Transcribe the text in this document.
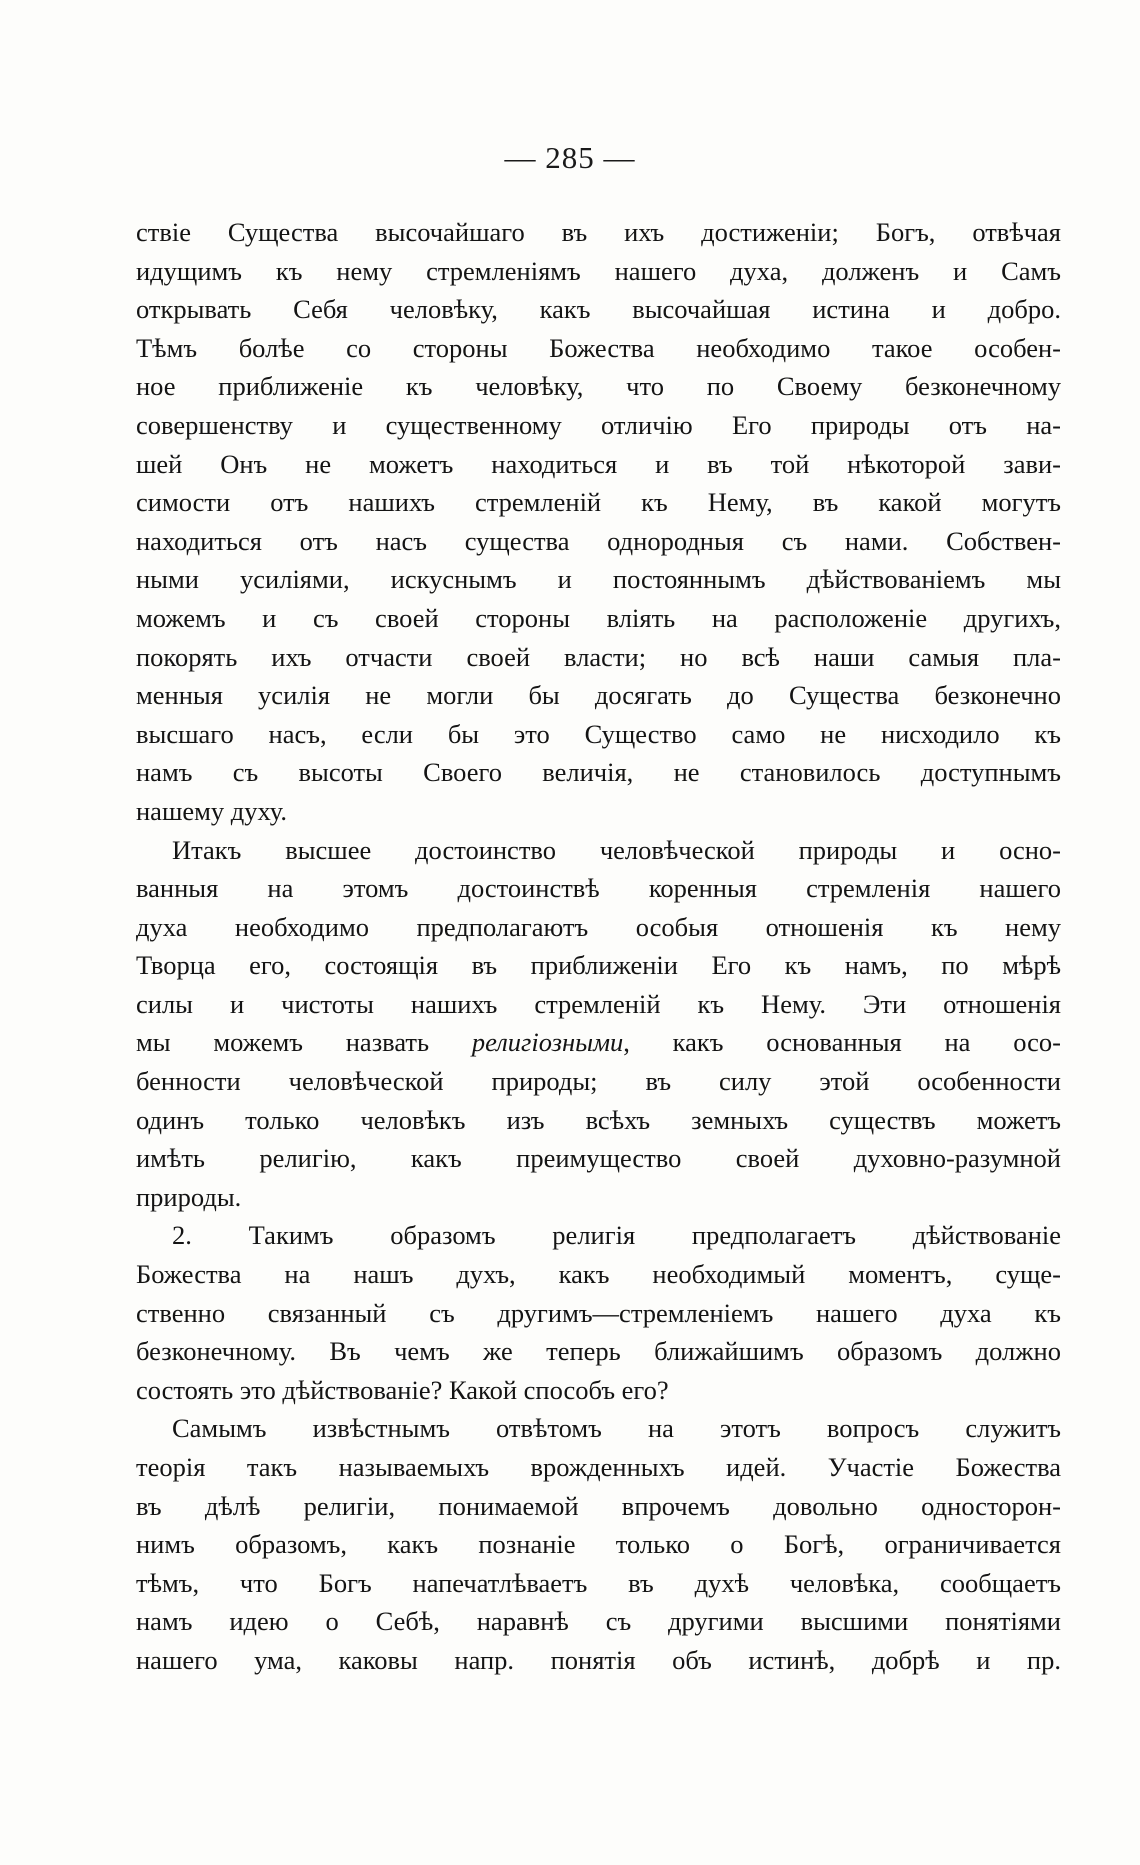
— 285 —
ствіе Существа высочайшаго въ ихъ достиженіи; Богъ, отвѣчая
идущимъ къ нему стремленіямъ нашего духа, долженъ и Самъ
открывать Себя человѣку, какъ высочайшая истина и добро.
Тѣмъ болѣе со стороны Божества необходимо такое особен-
ное приближеніе къ человѣку, что по Своему безконечному
совершенству и существенному отличію Его природы отъ на-
шей Онъ не можетъ находиться и въ той нѣкоторой зави-
симости отъ нашихъ стремленій къ Нему, въ какой могутъ
находиться отъ насъ существа однородныя съ нами. Собствен-
ными усиліями, искуснымъ и постояннымъ дѣйствованіемъ мы
можемъ и съ своей стороны вліять на расположеніе другихъ,
покорять ихъ отчасти своей власти; но всѣ наши самыя пла-
менныя усилія не могли бы досягать до Существа безконечно
высшаго насъ, если бы это Существо само не нисходило къ
намъ съ высоты Своего величія, не становилось доступнымъ
нашему духу.
Итакъ высшее достоинство человѣческой природы и осно-
ванныя на этомъ достоинствѣ коренныя стремленія нашего
духа необходимо предполагаютъ особыя отношенія къ нему
Творца его, состоящія въ приближеніи Его къ намъ, по мѣрѣ
силы и чистоты нашихъ стремленій къ Нему. Эти отношенія
мы можемъ назвать религіозными, какъ основанныя на осо-
бенности человѣческой природы; въ силу этой особенности
одинъ только человѣкъ изъ всѣхъ земныхъ существъ можетъ
имѣть религію, какъ преимущество своей духовно-разумной
природы.
2. Такимъ образомъ религія предполагаетъ дѣйствованіе
Божества на нашъ духъ, какъ необходимый моментъ, суще-
ственно связанный съ другимъ—стремленіемъ нашего духа къ
безконечному. Въ чемъ же теперь ближайшимъ образомъ должно
состоять это дѣйствованіе? Какой способъ его?
Самымъ извѣстнымъ отвѣтомъ на этотъ вопросъ служитъ
теорія такъ называемыхъ врожденныхъ идей. Участіе Божества
въ дѣлѣ религіи, понимаемой впрочемъ довольно односторон-
нимъ образомъ, какъ познаніе только о Богѣ, ограничивается
тѣмъ, что Богъ напечатлѣваетъ въ духѣ человѣка, сообщаетъ
намъ идею о Себѣ, наравнѣ съ другими высшими понятіями
нашего ума, каковы напр. понятія объ истинѣ, добрѣ и пр.
